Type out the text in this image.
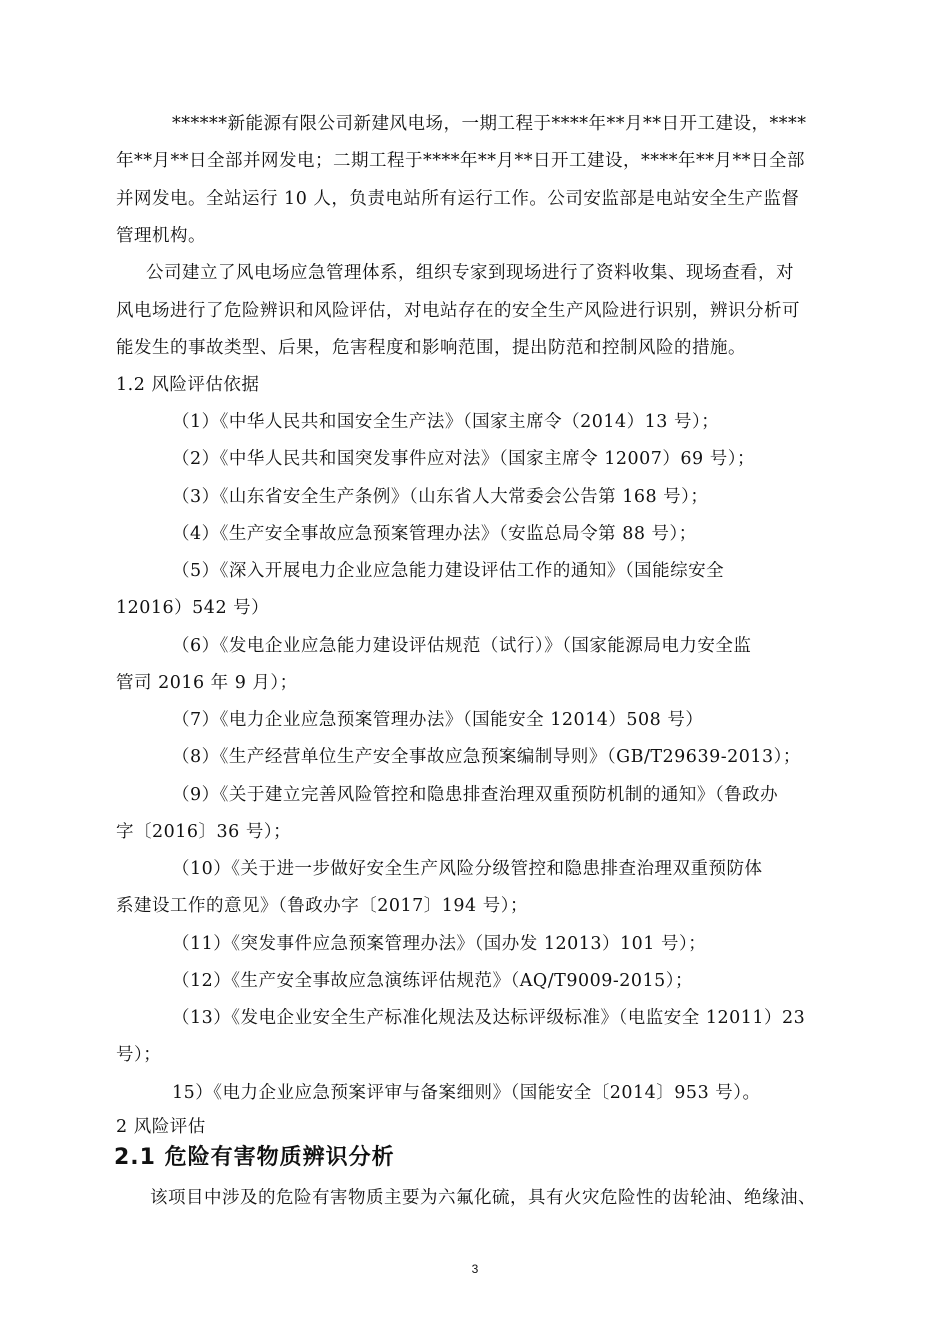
******新能源有限公司新建风电场，一期工程于****年**月**日开工建设，****
年**月**日全部并网发电；二期工程于****年**月**日开工建设，****年**月**日全部
并网发电。全站运行 10 人，负责电站所有运行工作。公司安监部是电站安全生产监督
管理机构。
公司建立了风电场应急管理体系，组织专家到现场进行了资料收集、现场查看，对
风电场进行了危险辨识和风险评估，对电站存在的安全生产风险进行识别，辨识分析可
能发生的事故类型、后果，危害程度和影响范围，提出防范和控制风险的措施。
1.2 风险评估依据
（1）《中华人民共和国安全生产法》（国家主席令（2014）13 号）；
（2）《中华人民共和国突发事件应对法》（国家主席令 12007）69 号）；
（3）《山东省安全生产条例》（山东省人大常委会公告第 168 号）；
（4）《生产安全事故应急预案管理办法》（安监总局令第 88 号）；
（5）《深入开展电力企业应急能力建设评估工作的通知》（国能综安全
12016）542 号）
（6）《发电企业应急能力建设评估规范（试行）》（国家能源局电力安全监
管司 2016 年 9 月）；
（7）《电力企业应急预案管理办法》（国能安全 12014）508 号）
（8）《生产经营单位生产安全事故应急预案编制导则》（GB/T29639-2013）；
（9）《关于建立完善风险管控和隐患排查治理双重预防机制的通知》（鲁政办
字〔2016〕36 号）；
（10）《关于进一步做好安全生产风险分级管控和隐患排查治理双重预防体
系建设工作的意见》（鲁政办字〔2017〕194 号）；
（11）《突发事件应急预案管理办法》（国办发 12013）101 号）；
（12）《生产安全事故应急演练评估规范》（AQ/T9009-2015）；
（13）《发电企业安全生产标准化规法及达标评级标准》（电监安全 12011）23
号）；
15）《电力企业应急预案评审与备案细则》（国能安全〔2014〕953 号）。
2 风险评估
2.1 危险有害物质辨识分析
该项目中涉及的危险有害物质主要为六氟化硫，具有火灾危险性的齿轮油、绝缘油、
3
